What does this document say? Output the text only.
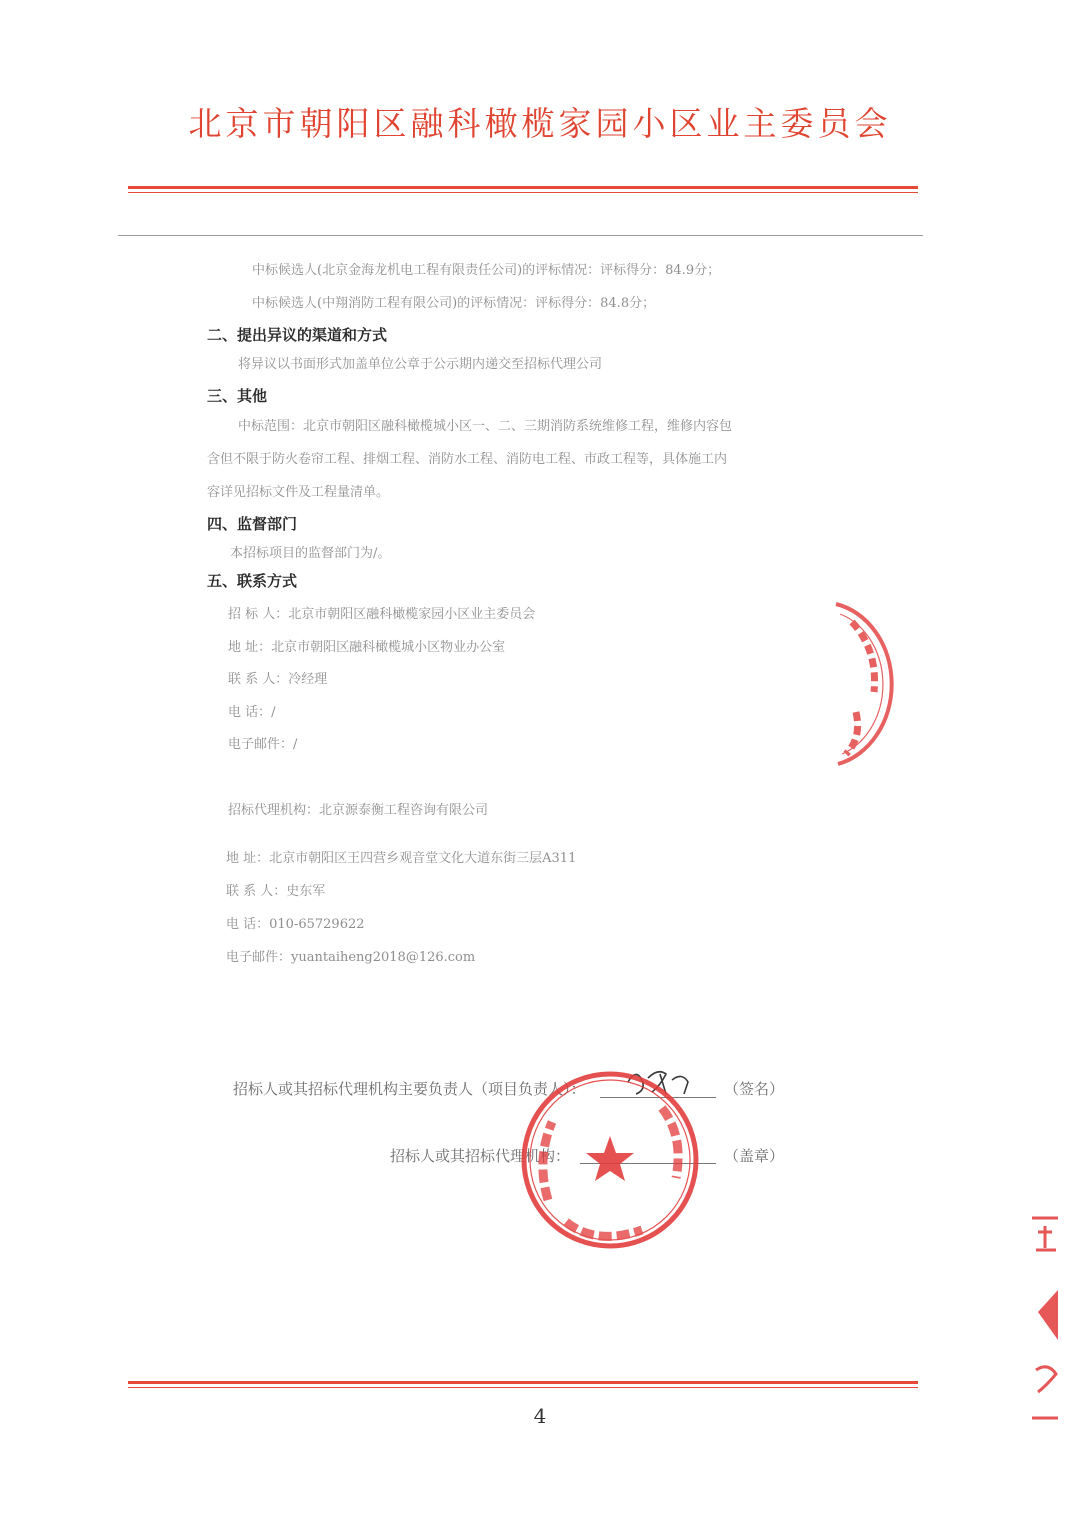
北京市朝阳区融科橄榄家园小区业主委员会
中标候选人(北京金海龙机电工程有限责任公司)的评标情况：评标得分：84.9分；
中标候选人(中翔消防工程有限公司)的评标情况：评标得分：84.8分；
二、提出异议的渠道和方式
将异议以书面形式加盖单位公章于公示期内递交至招标代理公司
三、其他
中标范围：北京市朝阳区融科橄榄城小区一、二、三期消防系统维修工程，维修内容包
含但不限于防火卷帘工程、排烟工程、消防水工程、消防电工程、市政工程等，具体施工内
容详见招标文件及工程量清单。
四、监督部门
本招标项目的监督部门为/。
五、联系方式
招 标 人：北京市朝阳区融科橄榄家园小区业主委员会
地 址：北京市朝阳区融科橄榄城小区物业办公室
联 系 人：冷经理
电 话：/
电子邮件：/
招标代理机构：北京源泰衡工程咨询有限公司
地 址：北京市朝阳区王四营乡观音堂文化大道东街三层A311
联 系 人：史东军
电 话：010-65729622
电子邮件：yuantaiheng2018@126.com
招标人或其招标代理机构主要负责人（项目负责人）：	（签名）
招标人或其招标代理机构：	（盖章）
4
